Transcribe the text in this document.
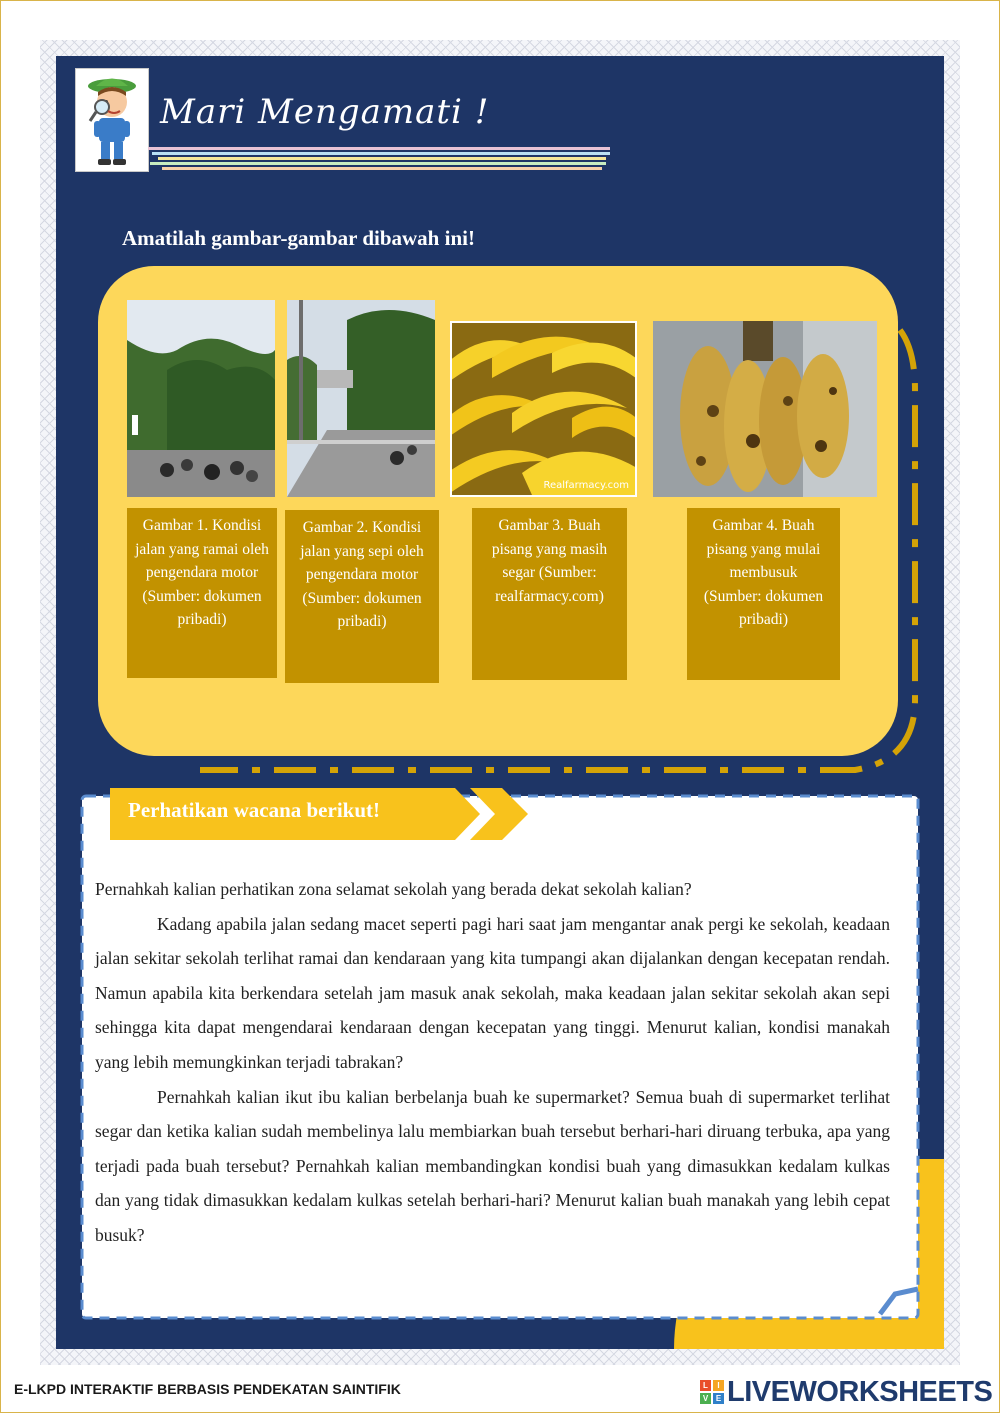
Mari Mengamati !
Amatilah gambar-gambar dibawah ini!
Realfarmacy.com
Gambar 1. Kondisi jalan yang ramai oleh pengendara motor (Sumber: dokumen pribadi)
Gambar 2. Kondisi jalan yang sepi oleh pengendara motor (Sumber: dokumen pribadi)
Gambar 3. Buah pisang yang masih segar (Sumber: realfarmacy.com)
Gambar 4. Buah pisang yang mulai membusuk (Sumber: dokumen pribadi)
Perhatikan wacana berikut!

Pernahkah kalian perhatikan zona selamat sekolah yang berada dekat sekolah kalian?

Kadang apabila jalan sedang macet seperti pagi hari saat jam mengantar anak pergi ke sekolah, keadaan jalan sekitar sekolah terlihat ramai dan kendaraan yang kita tumpangi akan dijalankan dengan kecepatan rendah. Namun apabila kita berkendara setelah jam masuk anak sekolah, maka keadaan jalan sekitar sekolah akan sepi sehingga kita dapat mengendarai kendaraan dengan kecepatan yang tinggi. Menurut kalian, kondisi manakah yang lebih memungkinkan terjadi tabrakan?

Pernahkah kalian ikut ibu kalian berbelanja buah ke supermarket? Semua buah di supermarket terlihat segar dan ketika kalian sudah membelinya lalu membiarkan buah tersebut berhari-hari diruang terbuka, apa yang terjadi pada buah tersebut? Pernahkah kalian membandingkan kondisi buah yang dimasukkan kedalam kulkas dan yang tidak dimasukkan kedalam kulkas setelah berhari-hari? Menurut kalian buah manakah yang lebih cepat busuk?

E-LKPD INTERAKTIF BERBASIS PENDEKATAN SAINTIFIK	L	I
V E LIVEWORKSHEETS
